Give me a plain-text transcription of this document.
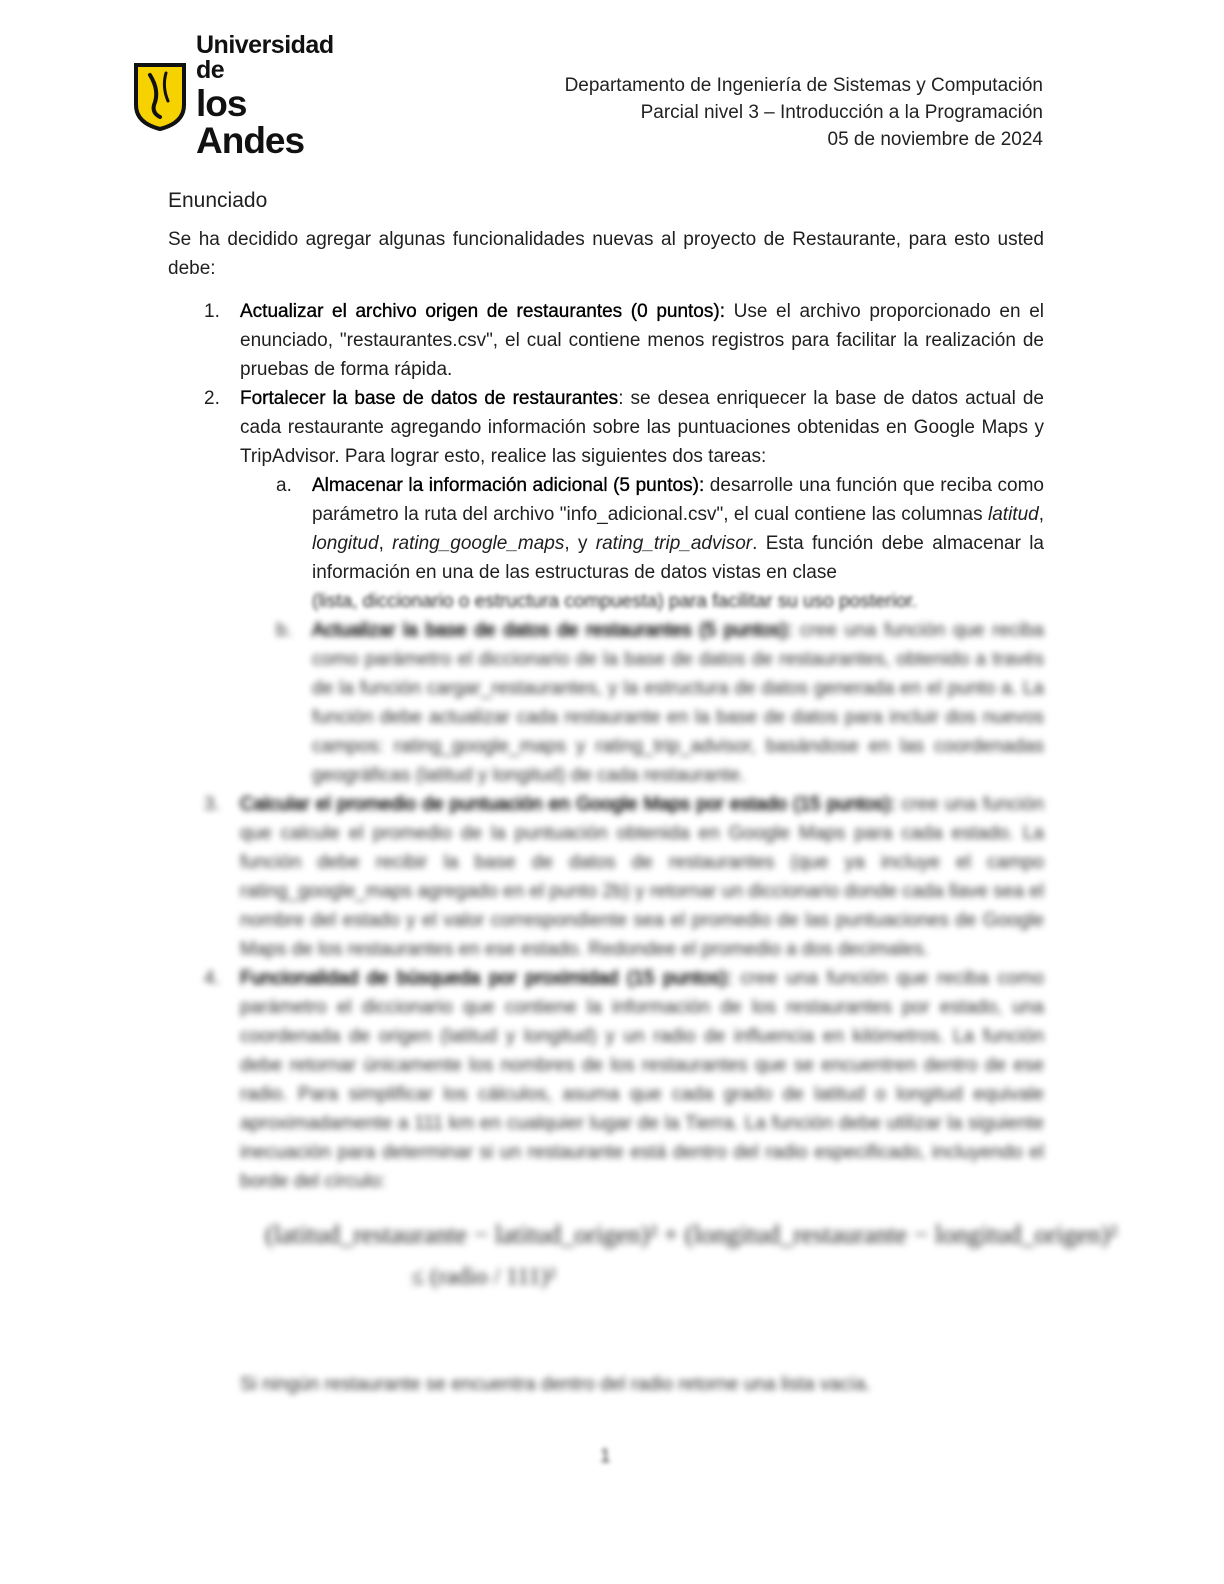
Universidad de
los Andes
Departamento de Ingeniería de Sistemas y Computación
Parcial nivel 3 – Introducción a la Programación
05 de noviembre de 2024
Enunciado

Se ha decidido agregar algunas funcionalidades nuevas al proyecto de Restaurante, para esto usted debe:

1. Actualizar el archivo origen de restaurantes (0 puntos): Use el archivo proporcionado en el enunciado, "restaurantes.csv", el cual contiene menos registros para facilitar la realización de pruebas de forma rápida.
2. Fortalecer la base de datos de restaurantes: se desea enriquecer la base de datos actual de cada restaurante agregando información sobre las puntuaciones obtenidas en Google Maps y TripAdvisor. Para lograr esto, realice las siguientes dos tareas:
a. Almacenar la información adicional (5 puntos): desarrolle una función que reciba como parámetro la ruta del archivo "info_adicional.csv", el cual contiene las columnas latitud, longitud, rating_google_maps, y rating_trip_advisor. Esta función debe almacenar la información en una de las estructuras de datos vistas en clase
(lista, diccionario o estructura compuesta) para facilitar su uso posterior.
b. Actualizar la base de datos de restaurantes (5 puntos): cree una función que reciba como parámetro el diccionario de la base de datos de restaurantes, obtenido a través de la función cargar_restaurantes, y la estructura de datos generada en el punto a. La función debe actualizar cada restaurante en la base de datos para incluir dos nuevos campos: rating_google_maps y rating_trip_advisor, basándose en las coordenadas geográficas (latitud y longitud) de cada restaurante.
3. Calcular el promedio de puntuación en Google Maps por estado (15 puntos): cree una función que calcule el promedio de la puntuación obtenida en Google Maps para cada estado. La función debe recibir la base de datos de restaurantes (que ya incluye el campo rating_google_maps agregado en el punto 2b) y retornar un diccionario donde cada llave sea el nombre del estado y el valor correspondiente sea el promedio de las puntuaciones de Google Maps de los restaurantes en ese estado. Redondee el promedio a dos decimales.
4. Funcionalidad de búsqueda por proximidad (15 puntos): cree una función que reciba como parámetro el diccionario que contiene la información de los restaurantes por estado, una coordenada de origen (latitud y longitud) y un radio de influencia en kilómetros. La función debe retornar únicamente los nombres de los restaurantes que se encuentren dentro de ese radio. Para simplificar los cálculos, asuma que cada grado de latitud o longitud equivale aproximadamente a 111 km en cualquier lugar de la Tierra. La función debe utilizar la siguiente inecuación para determinar si un restaurante está dentro del radio especificado, incluyendo el borde del círculo:
(latitud_restaurante − latitud_origen)² + (longitud_restaurante − longitud_origen)²
≤ (radio / 111)²
Si ningún restaurante se encuentra dentro del radio retorne una lista vacía.
1
